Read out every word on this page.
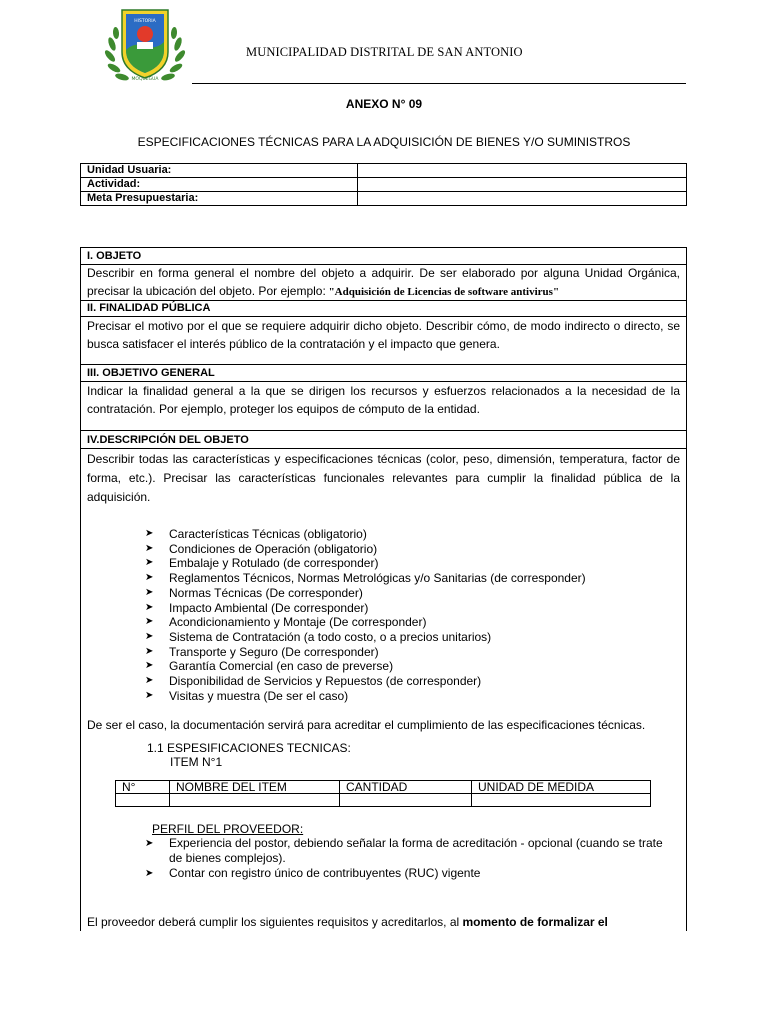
HISTORIA
MOQUEGUA
MUNICIPALIDAD DISTRITAL DE SAN ANTONIO
ANEXO N° 09
ESPECIFICACIONES TÉCNICAS PARA LA ADQUISICIÓN DE BIENES Y/O SUMINISTROS
Unidad Usuaria:	
Actividad:	
Meta Presupuestaria:	
I. OBJETO
Describir en forma general el nombre del objeto a adquirir. De ser elaborado por alguna Unidad Orgánica, precisar la ubicación del objeto. Por ejemplo: "Adquisición de Licencias de software antivirus"
II. FINALIDAD PÚBLICA
Precisar el motivo por el que se requiere adquirir dicho objeto. Describir cómo, de modo indirecto o directo, se busca satisfacer el interés público de la contratación y el impacto que genera.
III. OBJETIVO GENERAL
Indicar la finalidad general a la que se dirigen los recursos y esfuerzos relacionados a la necesidad de la contratación. Por ejemplo, proteger los equipos de cómputo de la entidad.
IV.DESCRIPCIÓN DEL OBJETO
Describir todas las características y especificaciones técnicas (color, peso, dimensión, temperatura, factor de forma, etc.). Precisar las características funcionales relevantes para cumplir la finalidad pública de la adquisición.
➤ Características Técnicas (obligatorio)
➤ Condiciones de Operación (obligatorio)
➤ Embalaje y Rotulado (de corresponder)
➤ Reglamentos Técnicos, Normas Metrológicas y/o Sanitarias (de corresponder)
➤ Normas Técnicas (De corresponder)
➤ Impacto Ambiental (De corresponder)
➤ Acondicionamiento y Montaje (De corresponder)
➤ Sistema de Contratación (a todo costo, o a precios unitarios)
➤ Transporte y Seguro (De corresponder)
➤ Garantía Comercial (en caso de preverse)
➤ Disponibilidad de Servicios y Repuestos (de corresponder)
➤ Visitas y muestra (De ser el caso)
De ser el caso, la documentación servirá para acreditar el cumplimiento de las especificaciones técnicas.
1.1 ESPESIFICACIONES TECNICAS:
ITEM N°1
N°	NOMBRE DEL ITEM	CANTIDAD	UNIDAD DE MEDIDA

PERFIL DEL PROVEEDOR:
➤ Experiencia del postor, debiendo señalar la forma de acreditación - opcional (cuando se trate de bienes complejos).
➤ Contar con registro único de contribuyentes (RUC) vigente
El proveedor deberá cumplir los siguientes requisitos y acreditarlos, al momento de formalizar el
